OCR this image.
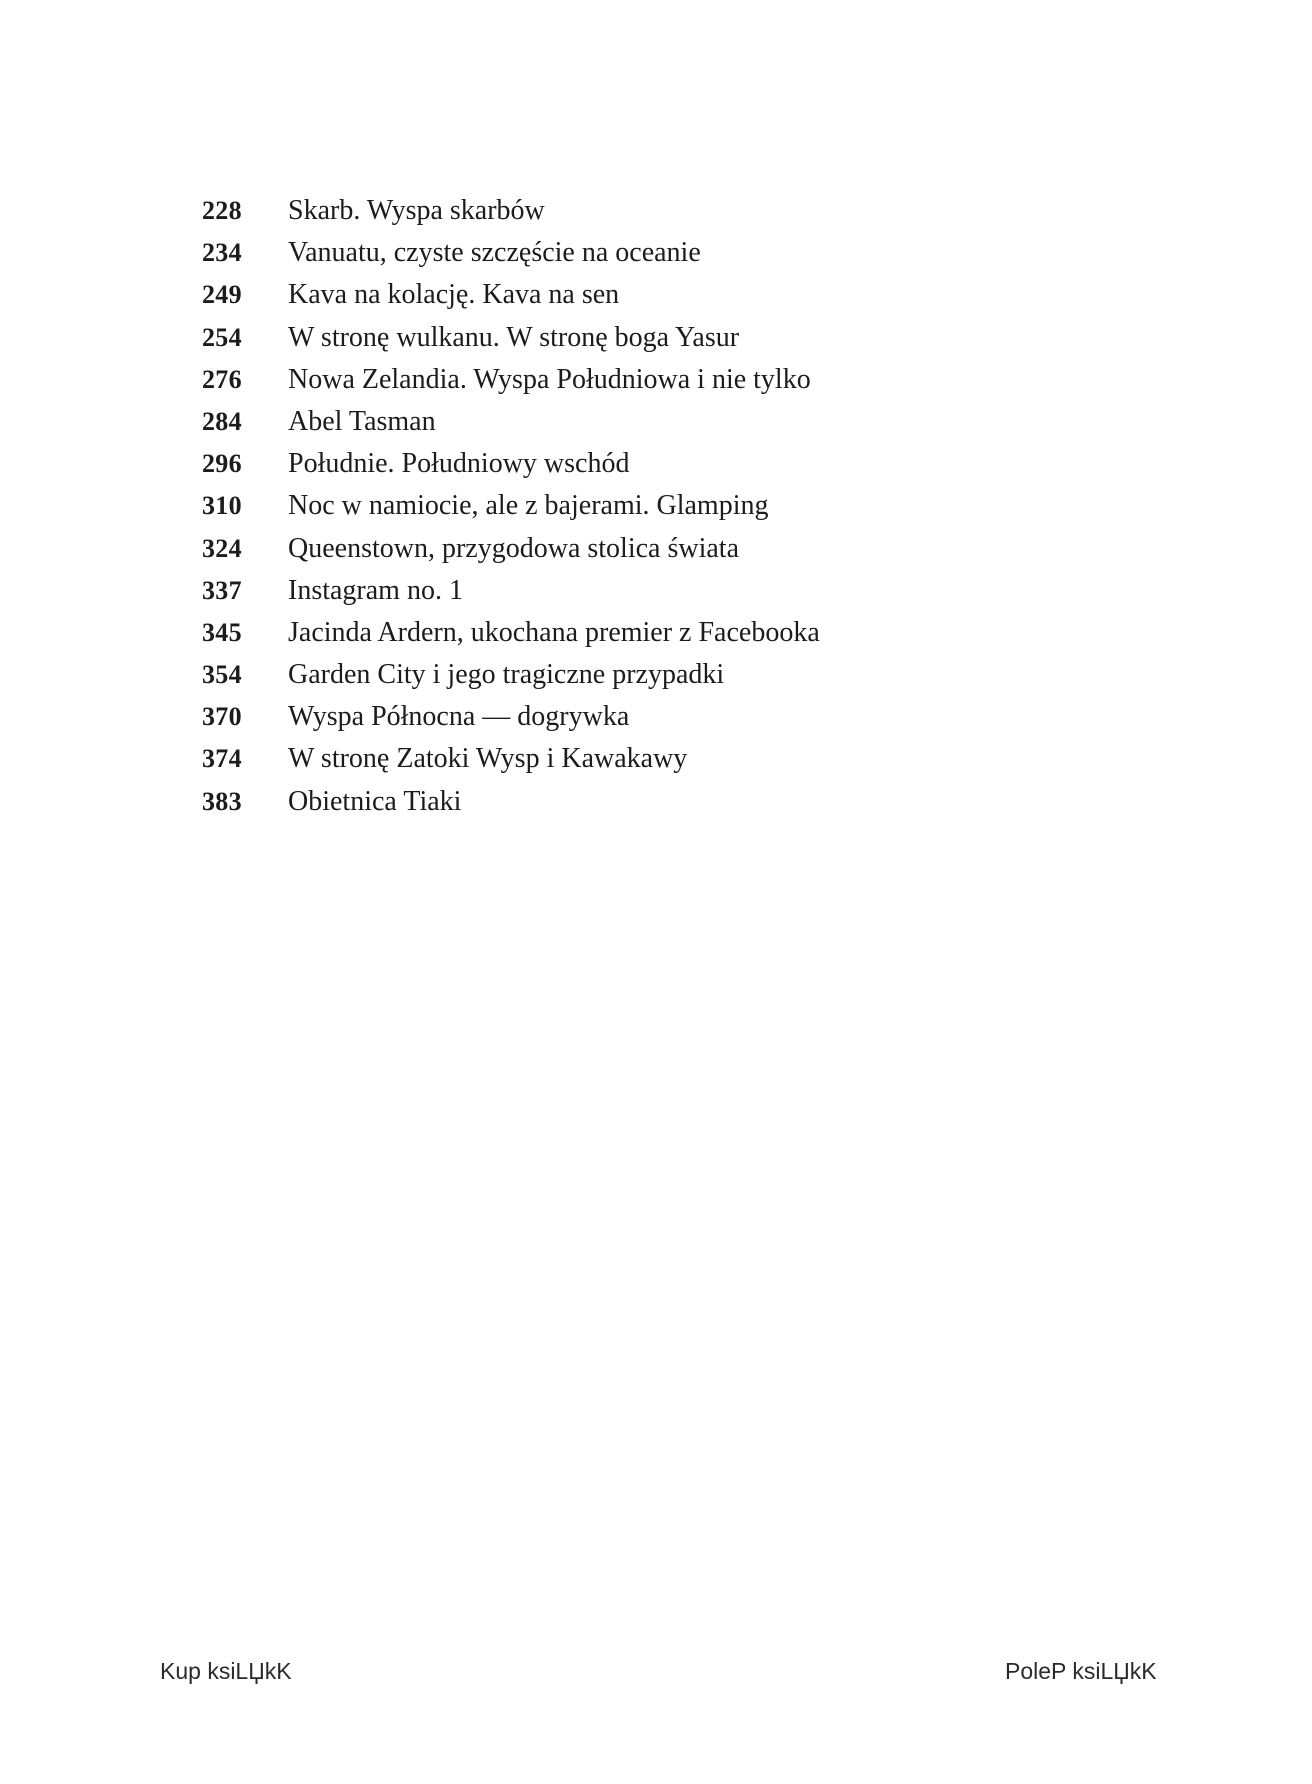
228	Skarb. Wyspa skarbów
234	Vanuatu, czyste szczęście na oceanie
249	Kava na kolację. Kava na sen
254	W stronę wulkanu. W stronę boga Yasur
276	Nowa Zelandia. Wyspa Południowa i nie tylko
284	Abel Tasman
296	Południe. Południowy wschód
310	Noc w namiocie, ale z bajerami. Glamping
324	Queenstown, przygodowa stolica świata
337	Instagram no. 1
345	Jacinda Ardern, ukochana premier z Facebooka
354	Garden City i jego tragiczne przypadki
370	Wyspa Północna — dogrywka
374	W stronę Zatoki Wysp i Kawakawy
383	Obietnica Tiaki
Kup ksiLЏkK	PoleP ksiLЏkK
